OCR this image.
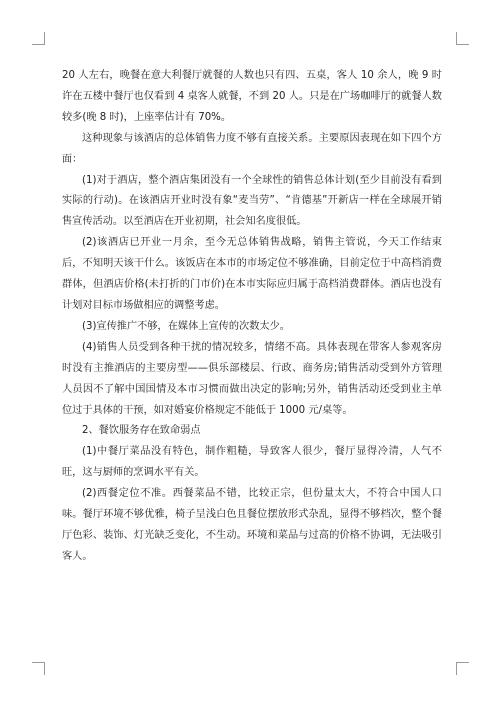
20 人左右，晚餐在意大利餐厅就餐的人数也只有四、五桌，客人 10 余人，晚 9 时许在五楼中餐厅也仅看到 4 桌客人就餐，不到 20 人。只是在广场咖啡厅的就餐人数较多(晚 8 时)，上座率估计有 70%。

这种现象与该酒店的总体销售力度不够有直接关系。主要原因表现在如下四个方面：

(1)对于酒店，整个酒店集团没有一个全球性的销售总体计划(至少目前没有看到实际的行动)。在该酒店开业时没有象“麦当劳”、“肯德基”开新店一样在全球展开销售宣传活动。以至酒店在开业初期，社会知名度很低。

(2)该酒店已开业一月余，至今无总体销售战略，销售主管说，今天工作结束后，不知明天该干什么。该饭店在本市的市场定位不够准确，目前定位于中高档消费群体，但酒店价格(未打折的门市价)在本市实际应归属于高档消费群体。酒店也没有计划对目标市场做相应的调整考虑。

(3)宣传推广不够，在媒体上宣传的次数太少。

(4)销售人员受到各种干扰的情况较多，情绪不高。具体表现在带客人参观客房时没有主推酒店的主要房型——俱乐部楼层、行政、商务房;销售活动受到外方管理人员因不了解中国国情及本市习惯而做出决定的影响;另外，销售活动还受到业主单位过于具体的干预，如对婚宴价格规定不能低于 1000 元/桌等。

2、餐饮服务存在致命弱点

(1)中餐厅菜品没有特色，制作粗糙，导致客人很少，餐厅显得冷清，人气不旺，这与厨师的烹调水平有关。

(2)西餐定位不准。西餐菜品不错，比较正宗，但份量太大，不符合中国人口味。餐厅环境不够优雅，椅子呈浅白色且餐位摆放形式杂乱，显得不够档次，整个餐厅色彩、装饰、灯光缺乏变化，不生动。环境和菜品与过高的价格不协调，无法吸引客人。
